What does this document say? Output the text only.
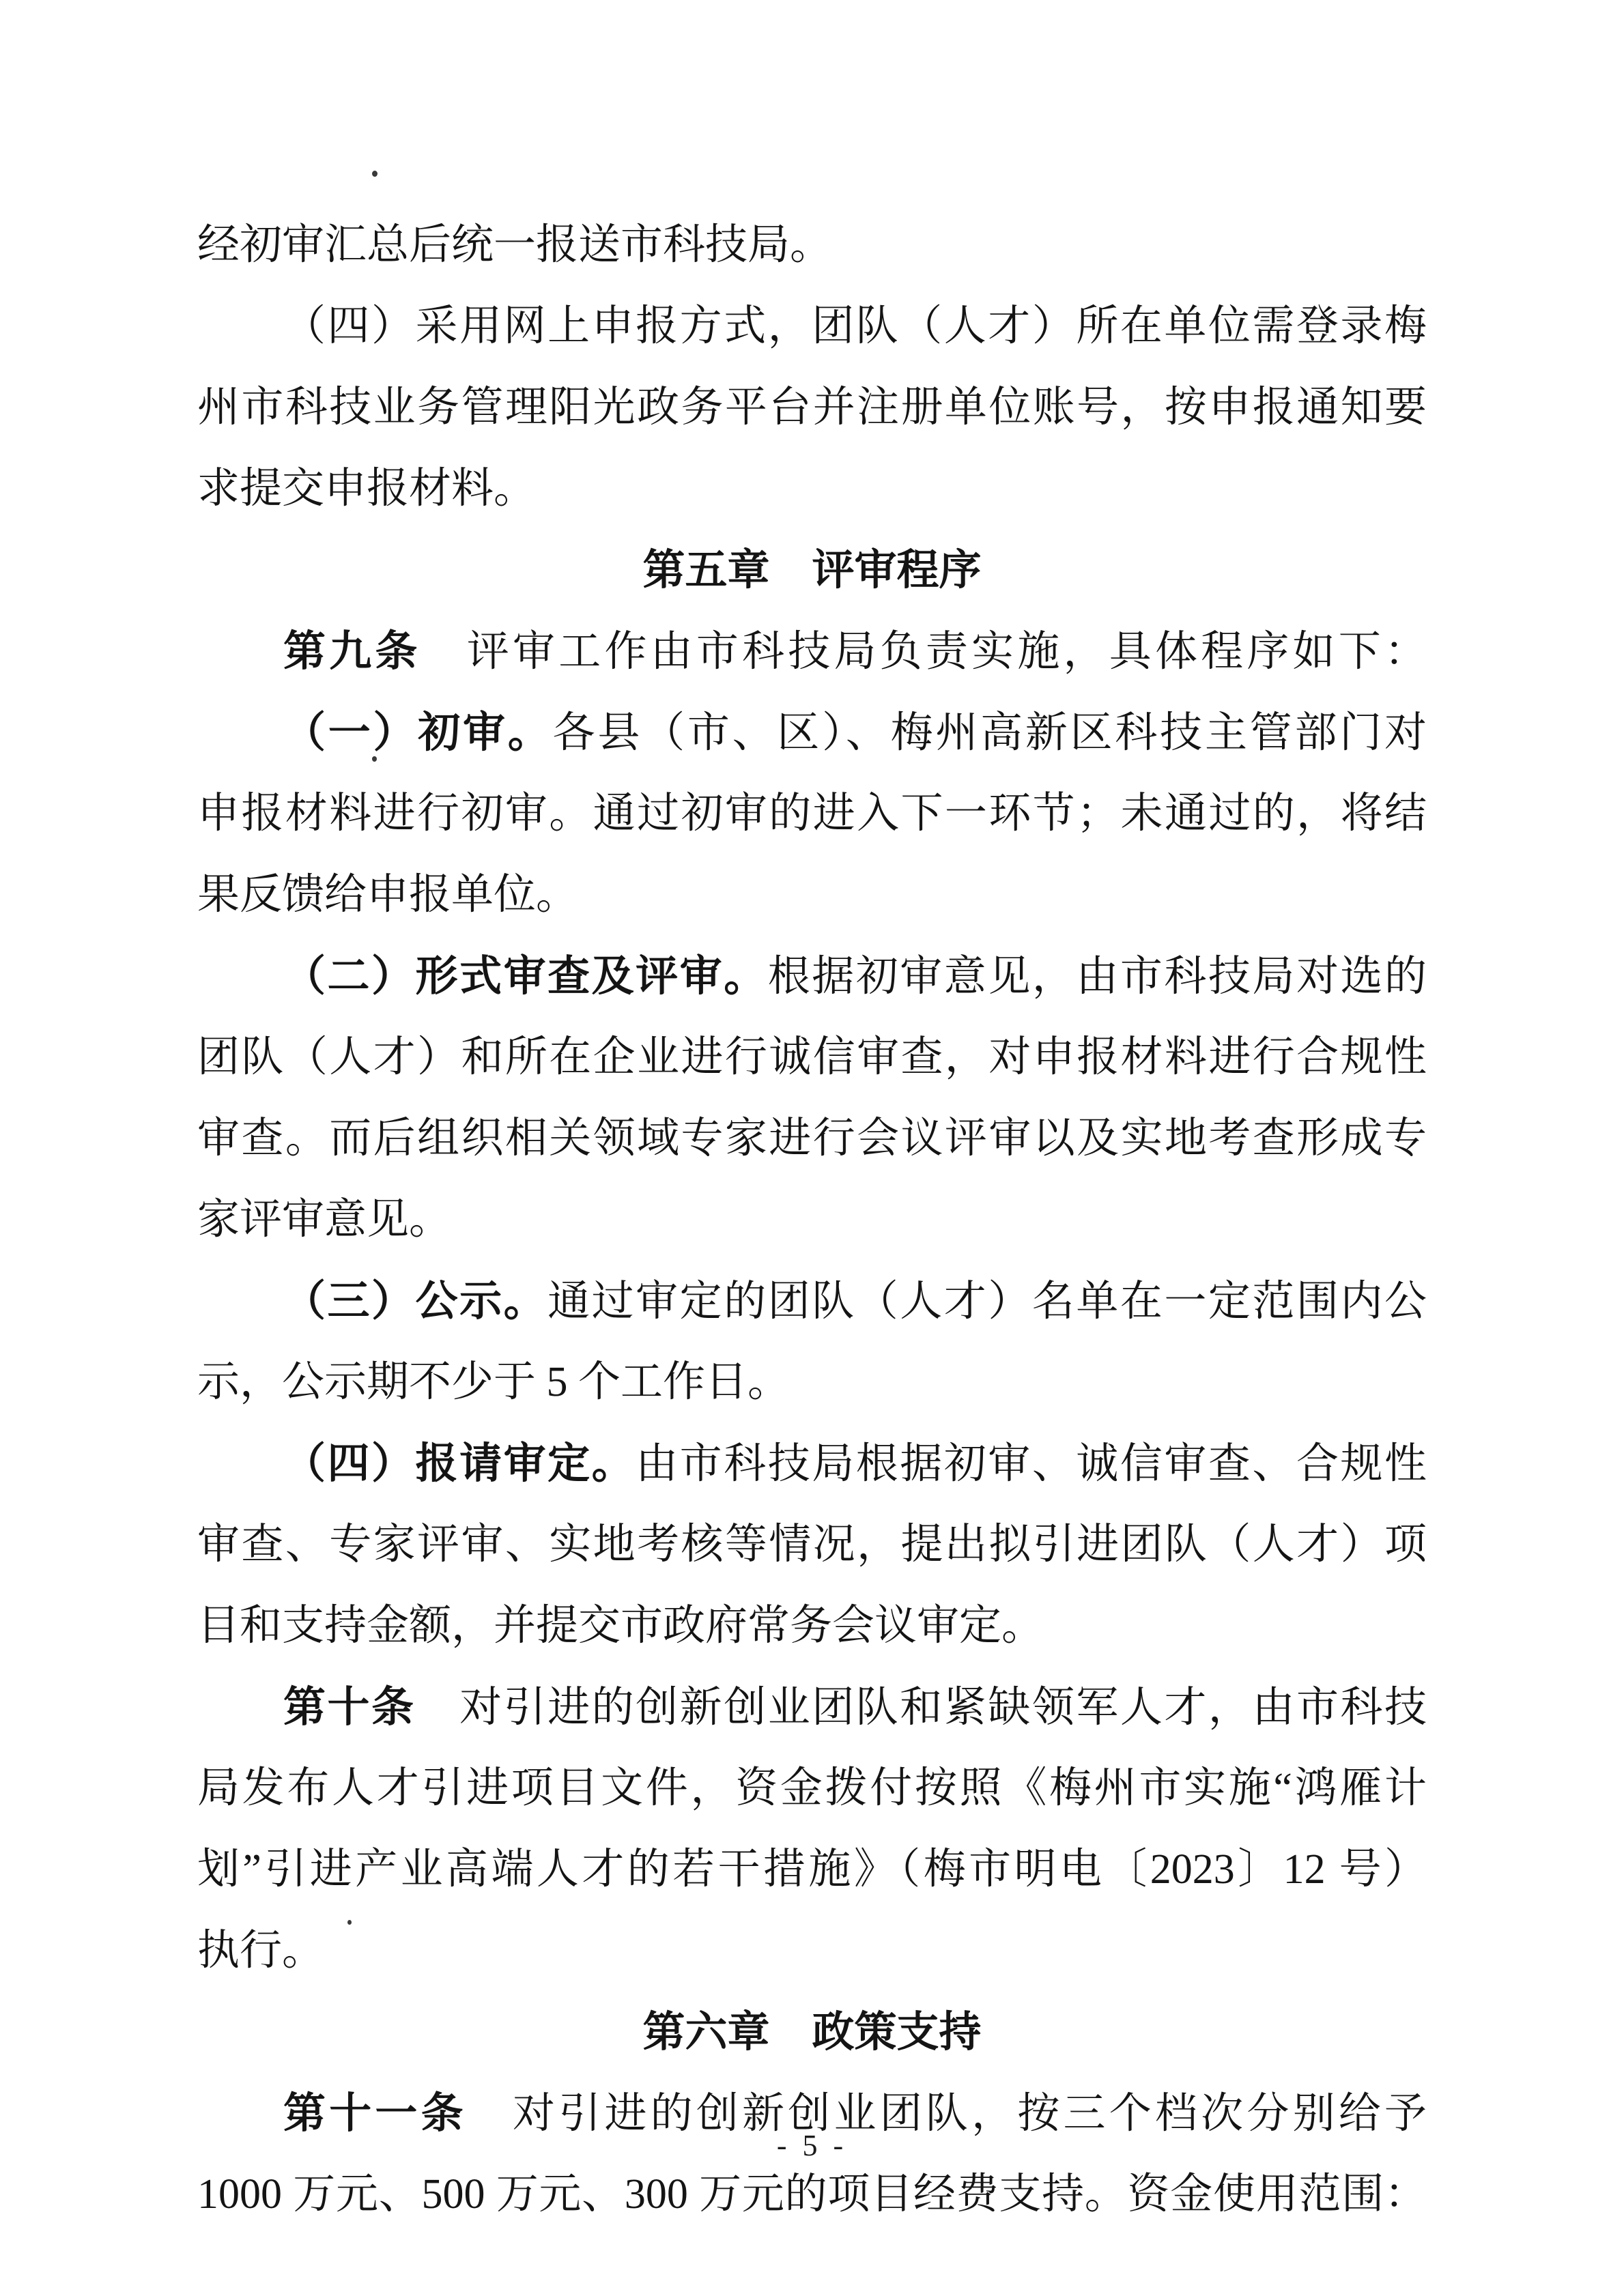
经初审汇总后统一报送市科技局。

（四）采用网上申报方式，团队（人才）所在单位需登录梅

州市科技业务管理阳光政务平台并注册单位账号，按申报通知要

求提交申报材料。

第五章　评审程序

第九条　评审工作由市科技局负责实施，具体程序如下：

（一）初审。各县（市、区）、梅州高新区科技主管部门对

申报材料进行初审。通过初审的进入下一环节；未通过的，将结

果反馈给申报单位。

（二）形式审查及评审。根据初审意见，由市科技局对选的

团队（人才）和所在企业进行诚信审查，对申报材料进行合规性

审查。而后组织相关领域专家进行会议评审以及实地考查形成专

家评审意见。

（三）公示。通过审定的团队（人才）名单在一定范围内公

示，公示期不少于 5 个工作日。

（四）报请审定。由市科技局根据初审、诚信审查、合规性

审查、专家评审、实地考核等情况，提出拟引进团队（人才）项

目和支持金额，并提交市政府常务会议审定。

第十条　对引进的创新创业团队和紧缺领军人才，由市科技

局发布人才引进项目文件，资金拨付按照《梅州市实施“鸿雁计

划”引进产业高端人才的若干措施》（梅市明电〔2023〕12 号）

执行。

第六章　政策支持

第十一条　对引进的创新创业团队，按三个档次分别给予

1000 万元、500 万元、300 万元的项目经费支持。资金使用范围：

- 5 -
